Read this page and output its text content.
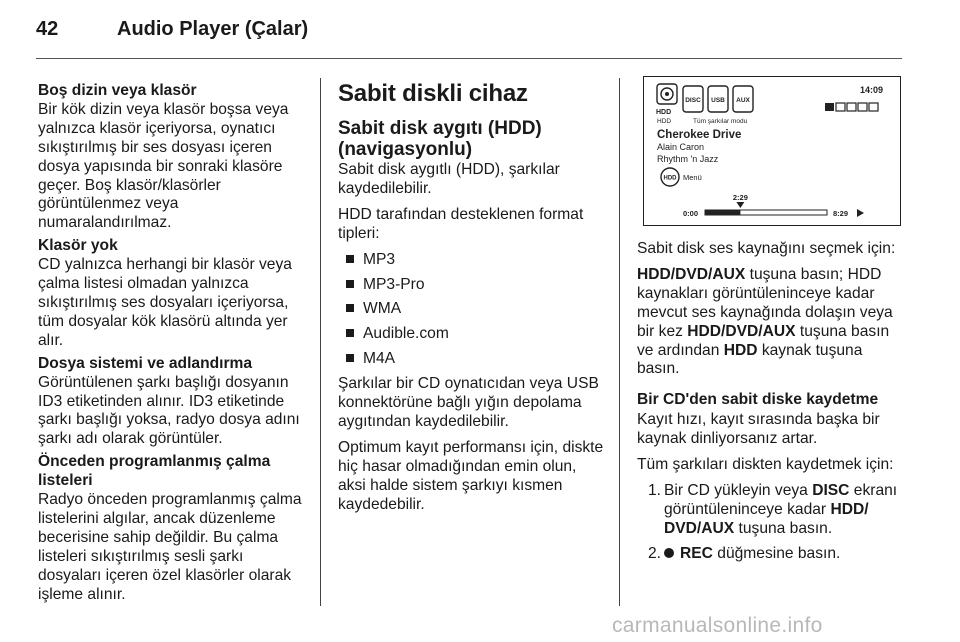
42	Audio Player (Çalar)

Boş dizin veya klasör

Bir kök dizin veya klasör boşsa veya yalnızca klasör içeriyorsa, oynatıcı sıkıştırılmış bir ses dosyası içeren dosya yapısında bir sonraki klasöre geçer. Boş klasör/klasörler görüntülenmez veya numaralandırılmaz.

Klasör yok

CD yalnızca herhangi bir klasör veya çalma listesi olmadan yalnızca sıkıştırılmış ses dosyaları içeriyorsa, tüm dosyalar kök klasörü altında yer alır.

Dosya sistemi ve adlandırma

Görüntülenen şarkı başlığı dosyanın ID3 etiketinden alınır. ID3 etiketinde şarkı başlığı yoksa, radyo dosya adını şarkı adı olarak görüntüler.

Önceden programlanmış çalma listeleri

Radyo önceden programlanmış çalma listelerini algılar, ancak düzenleme becerisine sahip değildir. Bu çalma listeleri sıkıştırılmış sesli şarkı dosyaları içeren özel klasörler olarak işleme alınır.

Sabit diskli cihaz

Sabit disk aygıtı (HDD) (navigasyonlu)

Sabit disk aygıtlı (HDD), şarkılar kaydedilebilir.

HDD tarafından desteklenen format tipleri:

MP3
MP3-Pro
WMA
Audible.com
M4A

Şarkılar bir CD oynatıcıdan veya USB konnektörüne bağlı yığın depolama aygıtından kaydedilebilir.

Optimum kayıt performansı için, diskte hiç hasar olmadığından emin olun, aksi halde sistem şarkıyı kısmen kaydedebilir.

HDD
DISC USB AUX
14:09
HDD	Tüm şarkılar modu
Cherokee Drive
Alain Caron
Rhythm 'n Jazz
HDD Menü
2:29
0:00	8:29

Sabit disk ses kaynağını seçmek için:

HDD/DVD/AUX tuşuna basın; HDD kaynakları görüntüleninceye kadar mevcut ses kaynağında dolaşın veya bir kez HDD/DVD/AUX tuşuna basın ve ardından HDD kaynak tuşuna basın.

Bir CD'den sabit diske kaydetme

Kayıt hızı, kayıt sırasında başka bir kaynak dinliyorsanız artar.

Tüm şarkıları diskten kaydetmek için:

1. Bir CD yükleyin veya DISC ekranı görüntüleninceye kadar HDD/ DVD/AUX tuşuna basın.
2. REC düğmesine basın.
carmanualsonline.info
